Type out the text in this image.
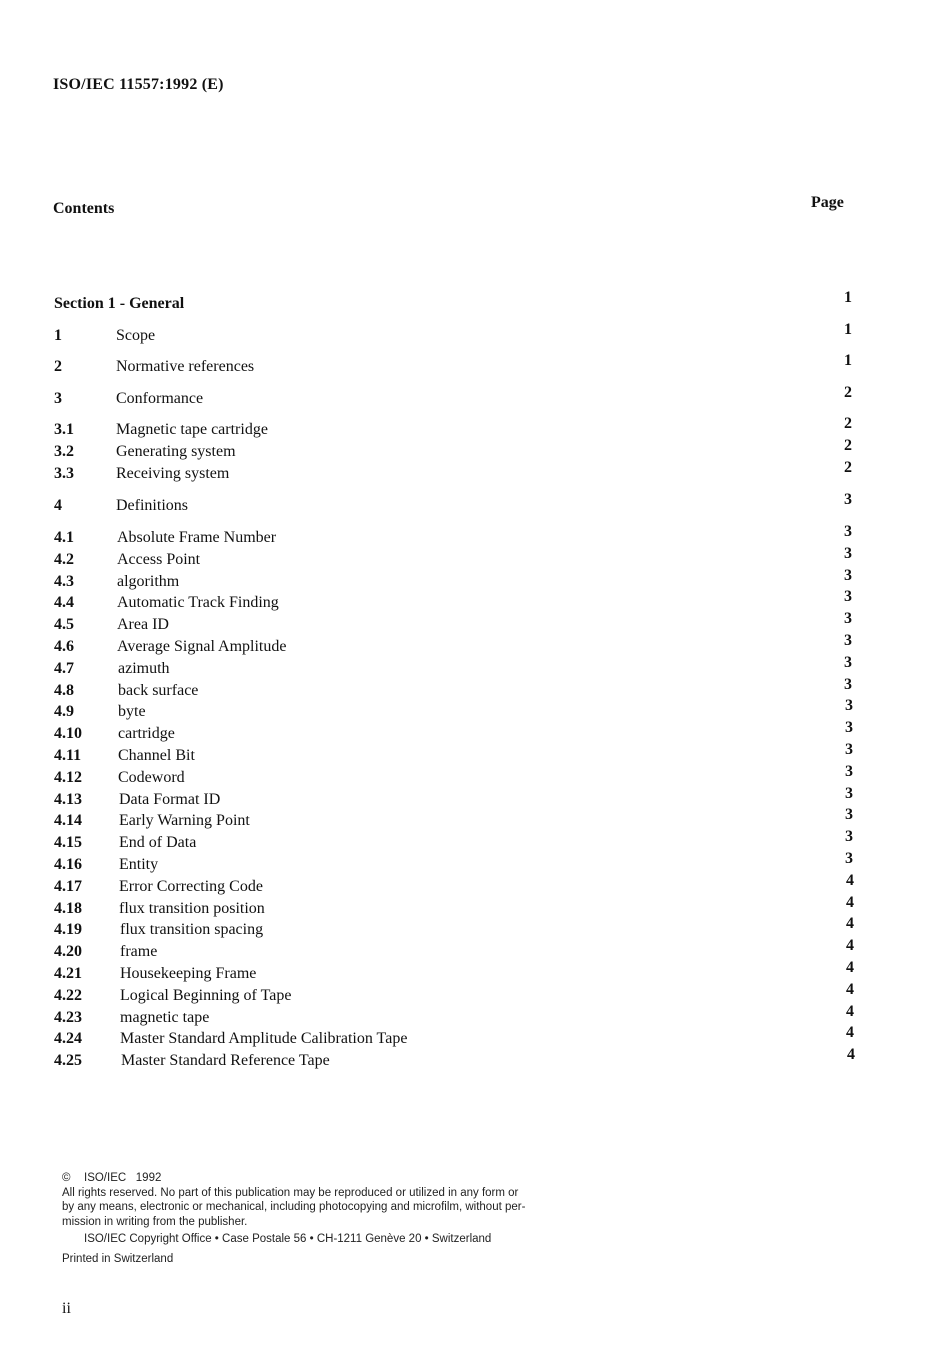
ISO/IEC 11557:1992 (E)
Contents	Page
Section 1 - General	1
1	Scope	1
2	Normative references	1
3	Conformance	2
3.1	Magnetic tape cartridge	2
3.2	Generating system	2
3.3	Receiving system	2
4	Definitions	3
4.1	Absolute Frame Number	3
4.2	Access Point	3
4.3	algorithm	3
4.4	Automatic Track Finding	3
4.5	Area ID	3
4.6	Average Signal Amplitude	3
4.7	azimuth	3
4.8	back surface	3
4.9	byte	3
4.10 cartridge	3
4.11 Channel Bit	3
4.12 Codeword	3
4.13 Data Format ID	3
4.14 Early Warning Point	3
4.15 End of Data	3
4.16 Entity	3
4.17 Error Correcting Code	4
4.18 flux transition position	4
4.19 flux transition spacing	4
4.20 frame	4
4.21 Housekeeping Frame	4
4.22 Logical Beginning of Tape	4
4.23 magnetic tape	4
4.24 Master Standard Amplitude Calibration Tape	4
4.25 Master Standard Reference Tape	4
© ISO/IEC 1992
All rights reserved. No part of this publication may be reproduced or utilized in any form or
by any means, electronic or mechanical, including photocopying and microfilm, without per-
mission in writing from the publisher.
ISO/IEC Copyright Office • Case Postale 56 • CH-1211 Genève 20 • Switzerland
Printed in Switzerland
ii
